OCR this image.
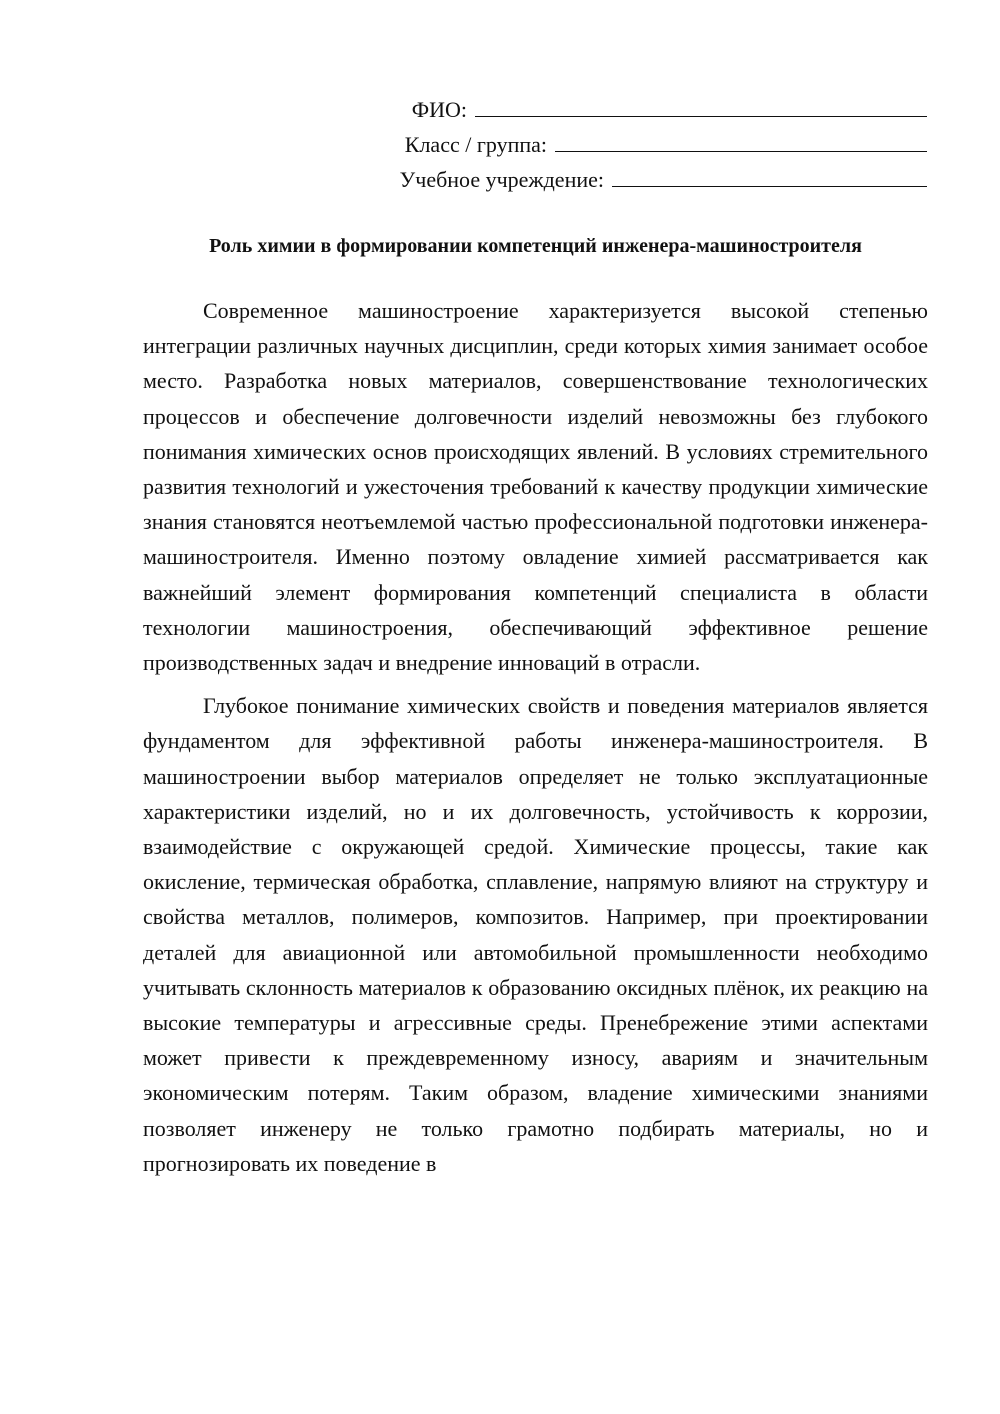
ФИО:
Класс / группа:
Учебное учреждение:
Роль химии в формировании компетенций инженера-машиностроителя

Современное машиностроение характеризуется высокой степенью интеграции различных научных дисциплин, среди которых химия занимает особое место. Разработка новых материалов, совершенствование технологических процессов и обеспечение долговечности изделий невозможны без глубокого понимания химических основ происходящих явлений. В условиях стремительного развития технологий и ужесточения требований к качеству продукции химические знания становятся неотъемлемой частью профессиональной подготовки инженера-машиностроителя. Именно поэтому овладение химией рассматривается как важнейший элемент формирования компетенций специалиста в области технологии машиностроения, обеспечивающий эффективное решение производственных задач и внедрение инноваций в отрасли.

Глубокое понимание химических свойств и поведения материалов является фундаментом для эффективной работы инженера-машиностроителя. В машиностроении выбор материалов определяет не только эксплуатационные характеристики изделий, но и их долговечность, устойчивость к коррозии, взаимодействие с окружающей средой. Химические процессы, такие как окисление, термическая обработка, сплавление, напрямую влияют на структуру и свойства металлов, полимеров, композитов. Например, при проектировании деталей для авиационной или автомобильной промышленности необходимо учитывать склонность материалов к образованию оксидных плёнок, их реакцию на высокие температуры и агрессивные среды. Пренебрежение этими аспектами может привести к преждевременному износу, авариям и значительным экономическим потерям. Таким образом, владение химическими знаниями позволяет инженеру не только грамотно подбирать материалы, но и прогнозировать их поведение в
